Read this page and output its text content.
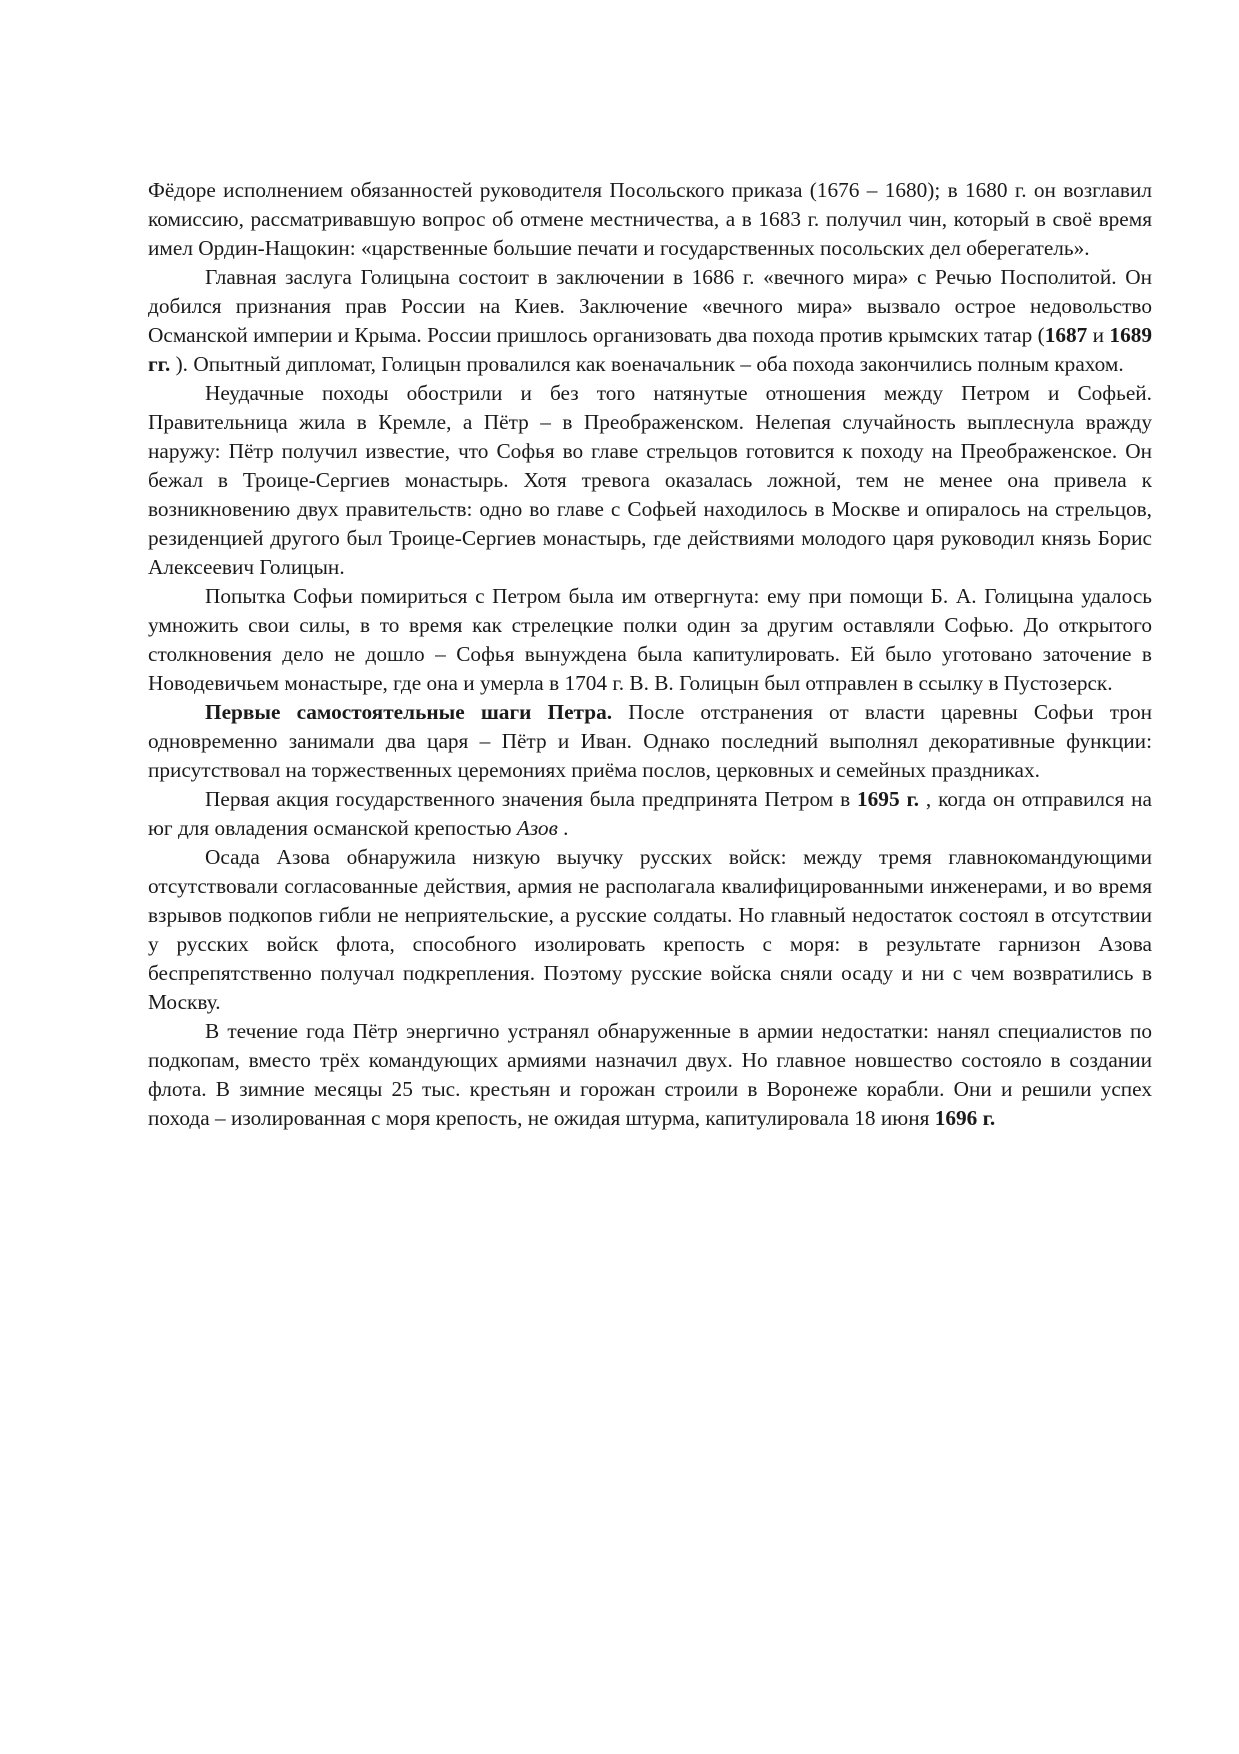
Фёдоре исполнением обязанностей руководителя Посольского приказа (1676 – 1680); в 1680 г. он возглавил комиссию, рассматривавшую вопрос об отмене местничества, а в 1683 г. получил чин, который в своё время имел Ордин-Нащокин: «царственные большие печати и государственных посольских дел оберегатель».

Главная заслуга Голицына состоит в заключении в 1686 г. «вечного мира» с Речью Посполитой. Он добился признания прав России на Киев. Заключение «вечного мира» вызвало острое недовольство Османской империи и Крыма. России пришлось организовать два похода против крымских татар (1687 и 1689 гг. ). Опытный дипломат, Голицын провалился как военачальник – оба похода закончились полным крахом.

Неудачные походы обострили и без того натянутые отношения между Петром и Софьей. Правительница жила в Кремле, а Пётр – в Преображенском. Нелепая случайность выплеснула вражду наружу: Пётр получил известие, что Софья во главе стрельцов готовится к походу на Преображенское. Он бежал в Троице-Сергиев монастырь. Хотя тревога оказалась ложной, тем не менее она привела к возникновению двух правительств: одно во главе с Софьей находилось в Москве и опиралось на стрельцов, резиденцией другого был Троице-Сергиев монастырь, где действиями молодого царя руководил князь Борис Алексеевич Голицын.

Попытка Софьи помириться с Петром была им отвергнута: ему при помощи Б. А. Голицына удалось умножить свои силы, в то время как стрелецкие полки один за другим оставляли Софью. До открытого столкновения дело не дошло – Софья вынуждена была капитулировать. Ей было уготовано заточение в Новодевичьем монастыре, где она и умерла в 1704 г. В. В. Голицын был отправлен в ссылку в Пустозерск.

Первые самостоятельные шаги Петра. После отстранения от власти царевны Софьи трон одновременно занимали два царя – Пётр и Иван. Однако последний выполнял декоративные функции: присутствовал на торжественных церемониях приёма послов, церковных и семейных праздниках.

Первая акция государственного значения была предпринята Петром в 1695 г. , когда он отправился на юг для овладения османской крепостью Азов .

Осада Азова обнаружила низкую выучку русских войск: между тремя главнокомандующими отсутствовали согласованные действия, армия не располагала квалифицированными инженерами, и во время взрывов подкопов гибли не неприятельские, а русские солдаты. Но главный недостаток состоял в отсутствии у русских войск флота, способного изолировать крепость с моря: в результате гарнизон Азова беспрепятственно получал подкрепления. Поэтому русские войска сняли осаду и ни с чем возвратились в Москву.

В течение года Пётр энергично устранял обнаруженные в армии недостатки: нанял специалистов по подкопам, вместо трёх командующих армиями назначил двух. Но главное новшество состояло в создании флота. В зимние месяцы 25 тыс. крестьян и горожан строили в Воронеже корабли. Они и решили успех похода – изолированная с моря крепость, не ожидая штурма, капитулировала 18 июня 1696 г.
